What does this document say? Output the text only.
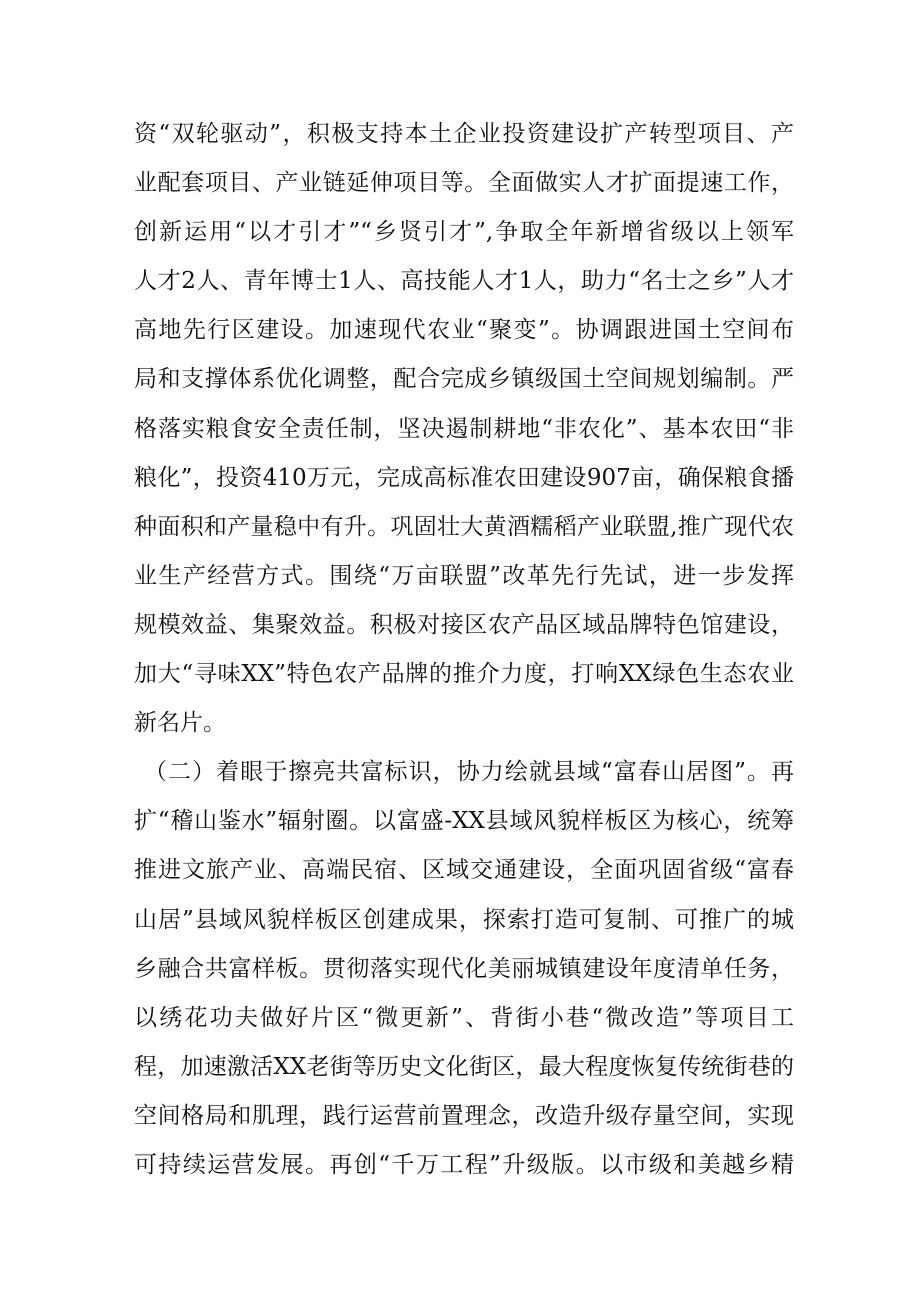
资“双轮驱动”，积极支持本土企业投资建设扩产转型项目、产
业配套项目、产业链延伸项目等。全面做实人才扩面提速工作，
创新运用“以才引才”“乡贤引才”,争取全年新增省级以上领军
人才2人、青年博士1人、高技能人才1人，助力“名士之乡”人才
高地先行区建设。加速现代农业“聚变”。协调跟进国土空间布
局和支撑体系优化调整，配合完成乡镇级国土空间规划编制。严
格落实粮食安全责任制，坚决遏制耕地“非农化”、基本农田“非
粮化”，投资410万元，完成高标准农田建设907亩，确保粮食播
种面积和产量稳中有升。巩固壮大黄酒糯稻产业联盟,推广现代农
业生产经营方式。围绕“万亩联盟”改革先行先试，进一步发挥
规模效益、集聚效益。积极对接区农产品区域品牌特色馆建设，
加大“寻味XX”特色农产品牌的推介力度，打响XX绿色生态农业
新名片。
（二）着眼于擦亮共富标识，协力绘就县域“富春山居图”。再
扩“稽山鉴水”辐射圈。以富盛-XX县域风貌样板区为核心，统筹
推进文旅产业、高端民宿、区域交通建设，全面巩固省级“富春
山居”县域风貌样板区创建成果，探索打造可复制、可推广的城
乡融合共富样板。贯彻落实现代化美丽城镇建设年度清单任务，
以绣花功夫做好片区“微更新”、背街小巷“微改造”等项目工
程，加速激活XX老街等历史文化街区，最大程度恢复传统街巷的
空间格局和肌理，践行运营前置理念，改造升级存量空间，实现
可持续运营发展。再创“千万工程”升级版。以市级和美越乡精
